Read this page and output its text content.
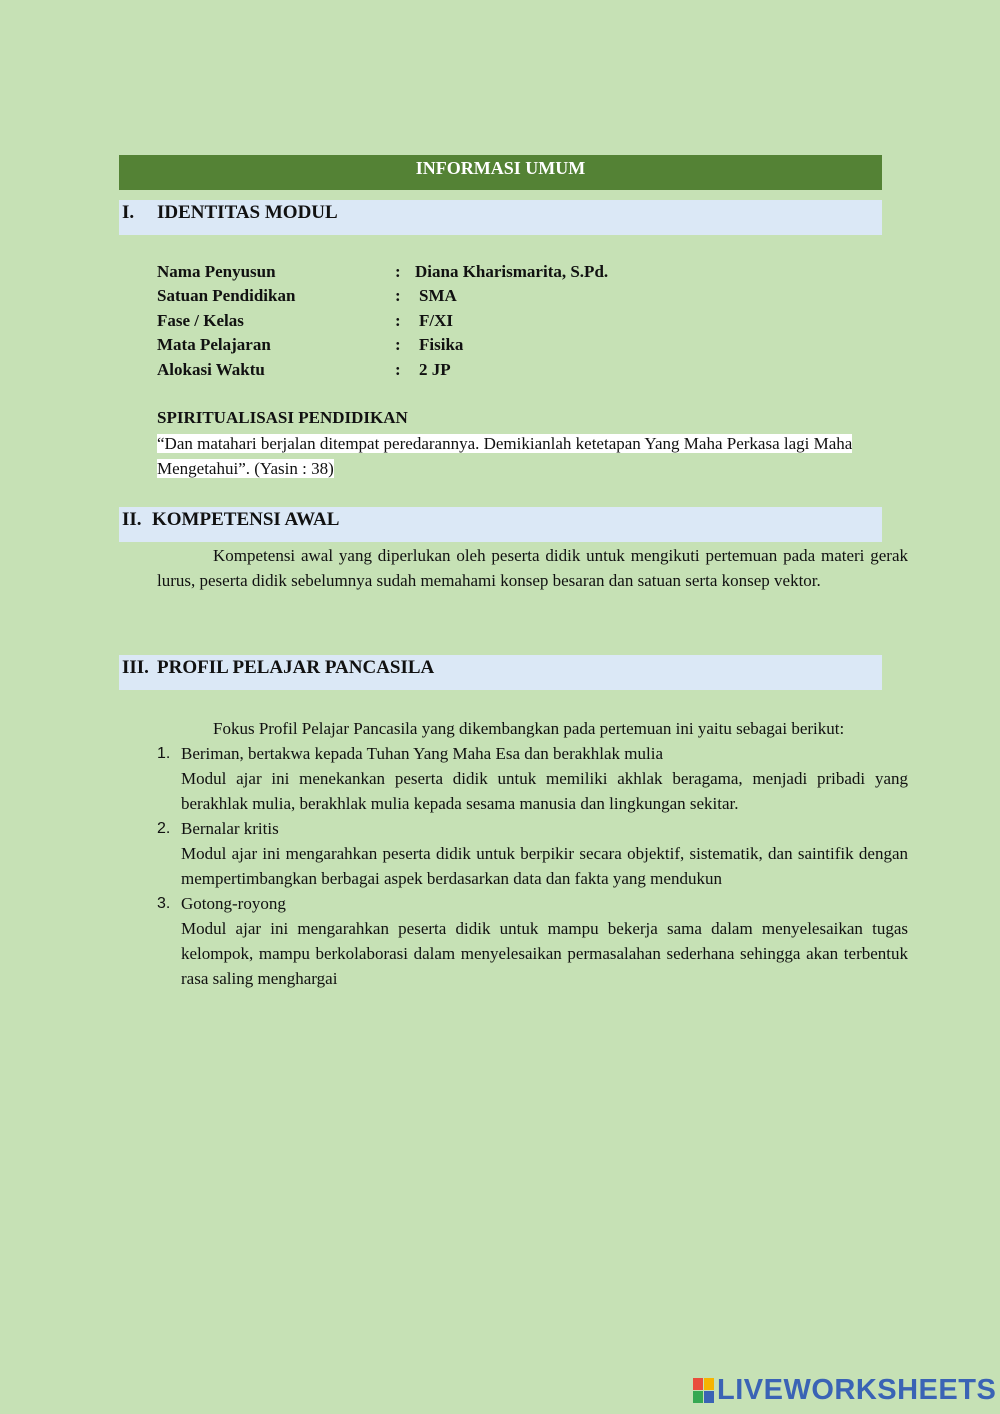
INFORMASI UMUM
I. IDENTITAS MODUL
Nama Penyusun	: Diana Kharismarita, S.Pd.
Satuan Pendidikan	: SMA
Fase / Kelas	: F/XI
Mata Pelajaran	: Fisika
Alokasi Waktu	: 2 JP
SPIRITUALISASI PENDIDIKAN
“Dan matahari berjalan ditempat peredarannya. Demikianlah ketetapan Yang Maha Perkasa lagi Maha
Mengetahui”. (Yasin : 38)
II. KOMPETENSI AWAL
Kompetensi awal yang diperlukan oleh peserta didik untuk mengikuti pertemuan pada materi gerak lurus, peserta didik sebelumnya sudah memahami konsep besaran dan satuan serta konsep vektor.
III. PROFIL PELAJAR PANCASILA
Fokus Profil Pelajar Pancasila yang dikembangkan pada pertemuan ini yaitu sebagai berikut:
1. Beriman, bertakwa kepada Tuhan Yang Maha Esa dan berakhlak mulia
Modul ajar ini menekankan peserta didik untuk memiliki akhlak beragama, menjadi pribadi yang berakhlak mulia, berakhlak mulia kepada sesama manusia dan lingkungan sekitar.
2. Bernalar kritis
Modul ajar ini mengarahkan peserta didik untuk berpikir secara objektif, sistematik, dan saintifik dengan mempertimbangkan berbagai aspek berdasarkan data dan fakta yang mendukun
3. Gotong-royong
Modul ajar ini mengarahkan peserta didik untuk mampu bekerja sama dalam menyelesaikan tugas kelompok, mampu berkolaborasi dalam menyelesaikan permasalahan sederhana sehingga akan terbentuk rasa saling menghargai
LIVEWORKSHEETS
